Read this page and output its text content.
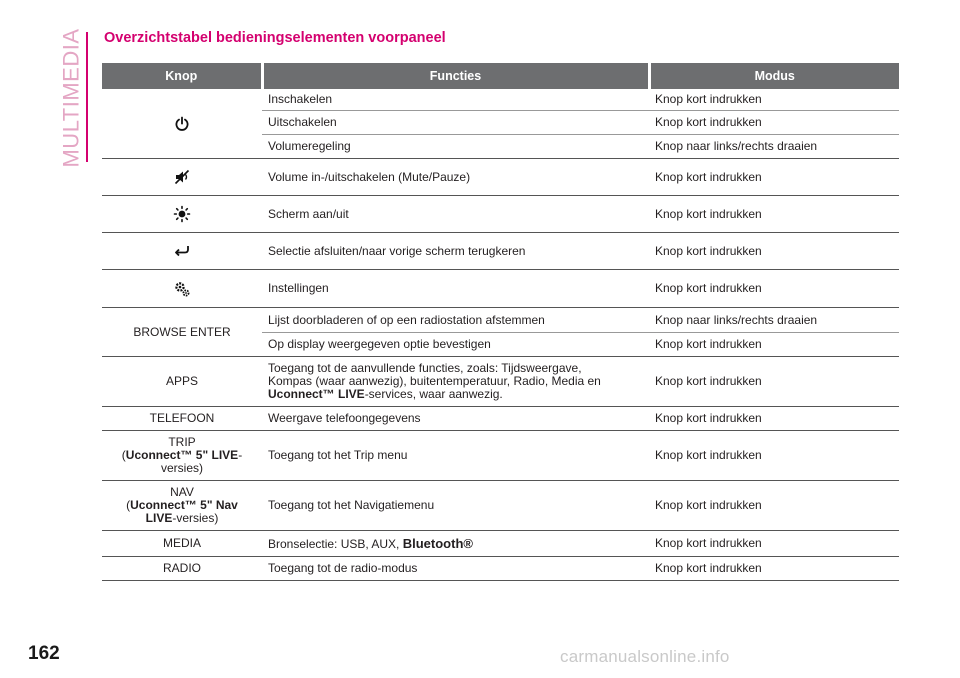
MULTIMEDIA
162	carmanualsonline.info
Overzichtstabel bedieningselementen voorpaneel
Knop	Functies	Modus

	Inschakelen	Knop kort indrukken
	Uitschakelen	Knop kort indrukken
	Volumeregeling	Knop naar links/rechts draaien

	Volume in-/uitschakelen (Mute/Pauze)	Knop kort indrukken

	Scherm aan/uit	Knop kort indrukken

	Selectie afsluiten/naar vorige scherm terugkeren	Knop kort indrukken

	Instellingen	Knop kort indrukken
BROWSE ENTER	Lijst doorbladeren of op een radiostation afstemmen	Knop naar links/rechts draaien
	Op display weergegeven optie bevestigen	Knop kort indrukken
APPS	Toegang tot de aanvullende functies, zoals: Tijdsweergave,
Kompas (waar aanwezig), buitentemperatuur, Radio, Media en
Uconnect™ LIVE-services, waar aanwezig.	Knop kort indrukken
TELEFOON	Weergave telefoongegevens	Knop kort indrukken

TRIP
(Uconnect™ 5" LIVE-
versies)	Toegang tot het Trip menu	Knop kort indrukken

NAV
(Uconnect™ 5" Nav
LIVE-versies)	Toegang tot het Navigatiemenu	Knop kort indrukken
MEDIA	Bronselectie: USB, AUX, Bluetooth®	Knop kort indrukken
RADIO	Toegang tot de radio-modus	Knop kort indrukken
